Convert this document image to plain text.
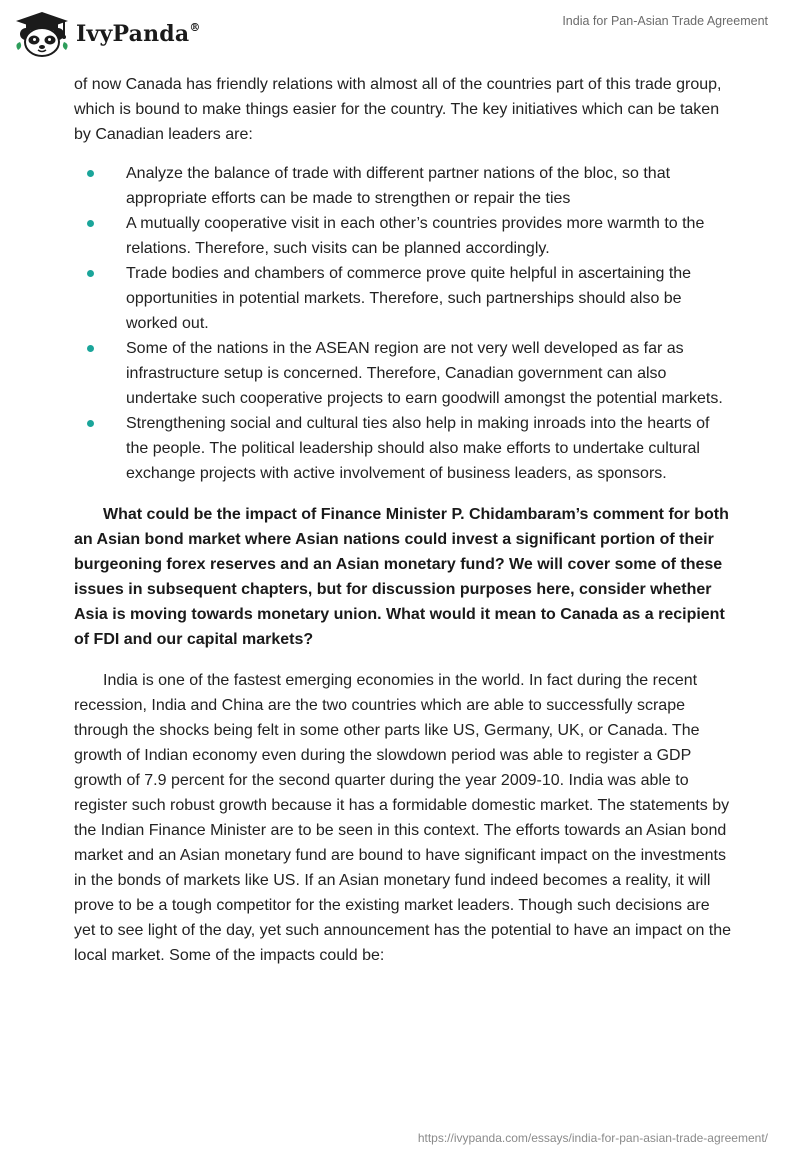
IvyPanda®	India for Pan-Asian Trade Agreement

of now Canada has friendly relations with almost all of the countries part of this trade group, which is bound to make things easier for the country. The key initiatives which can be taken by Canadian leaders are:

Analyze the balance of trade with different partner nations of the bloc, so that appropriate efforts can be made to strengthen or repair the ties
A mutually cooperative visit in each other’s countries provides more warmth to the relations. Therefore, such visits can be planned accordingly.
Trade bodies and chambers of commerce prove quite helpful in ascertaining the opportunities in potential markets. Therefore, such partnerships should also be worked out.
Some of the nations in the ASEAN region are not very well developed as far as infrastructure setup is concerned. Therefore, Canadian government can also undertake such cooperative projects to earn goodwill amongst the potential markets.
Strengthening social and cultural ties also help in making inroads into the hearts of the people. The political leadership should also make efforts to undertake cultural exchange projects with active involvement of business leaders, as sponsors.

What could be the impact of Finance Minister P. Chidambaram’s comment for both an Asian bond market where Asian nations could invest a significant portion of their burgeoning forex reserves and an Asian monetary fund? We will cover some of these issues in subsequent chapters, but for discussion purposes here, consider whether Asia is moving towards monetary union. What would it mean to Canada as a recipient of FDI and our capital markets?

India is one of the fastest emerging economies in the world. In fact during the recent recession, India and China are the two countries which are able to successfully scrape through the shocks being felt in some other parts like US, Germany, UK, or Canada. The growth of Indian economy even during the slowdown period was able to register a GDP growth of 7.9 percent for the second quarter during the year 2009-10. India was able to register such robust growth because it has a formidable domestic market. The statements by the Indian Finance Minister are to be seen in this context. The efforts towards an Asian bond market and an Asian monetary fund are bound to have significant impact on the investments in the bonds of markets like US. If an Asian monetary fund indeed becomes a reality, it will prove to be a tough competitor for the existing market leaders. Though such decisions are yet to see light of the day, yet such announcement has the potential to have an impact on the local market. Some of the impacts could be:

https://ivypanda.com/essays/india-for-pan-asian-trade-agreement/
